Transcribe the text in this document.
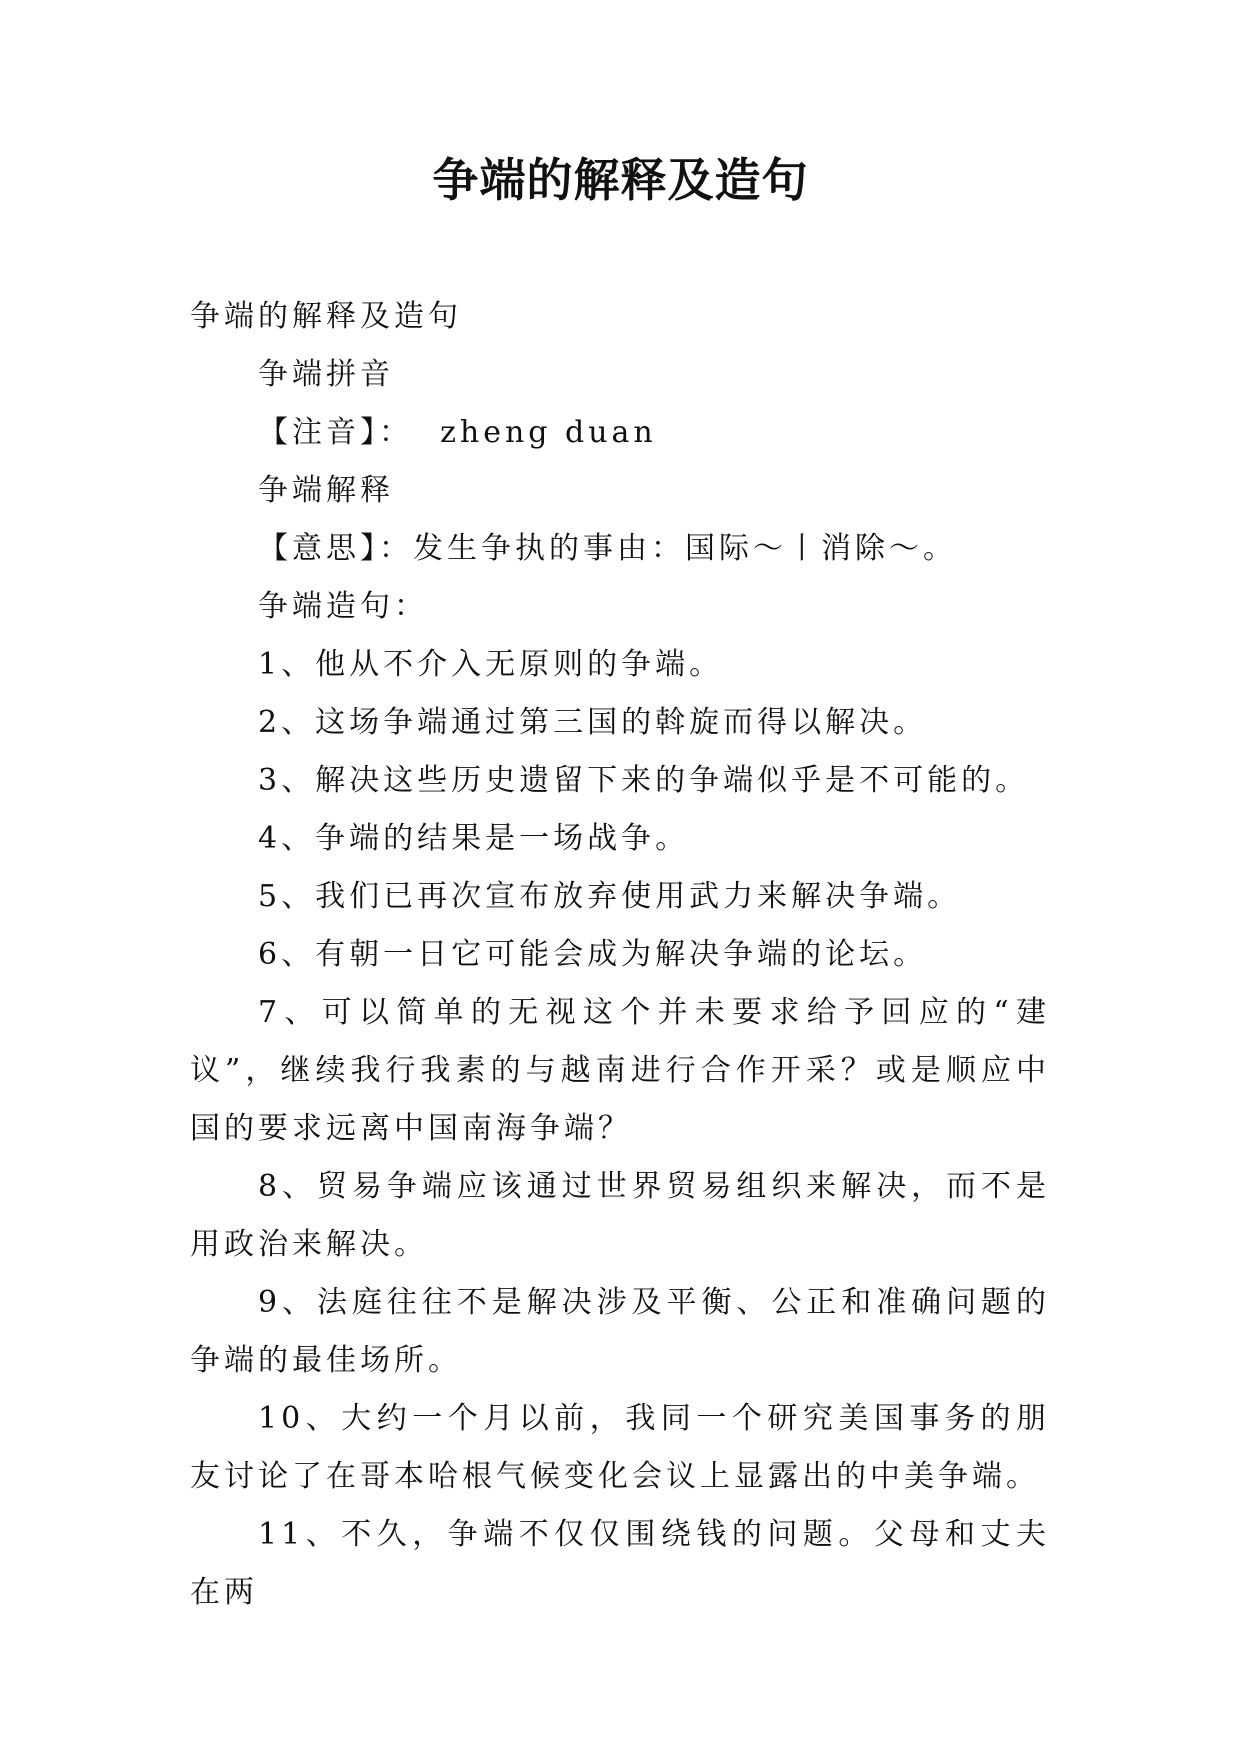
争端的解释及造句

争端的解释及造句

争端拼音

【注音】： zheng duan

争端解释

【意思】：发生争执的事由：国际～丨消除～。

争端造句：

1、他从不介入无原则的争端。

2、这场争端通过第三国的斡旋而得以解决。

3、解决这些历史遗留下来的争端似乎是不可能的。

4、争端的结果是一场战争。

5、我们已再次宣布放弃使用武力来解决争端。

6、有朝一日它可能会成为解决争端的论坛。

7、可以简单的无视这个并未要求给予回应的“建议”，继续我行我素的与越南进行合作开采？或是顺应中国的要求远离中国南海争端？

8、贸易争端应该通过世界贸易组织来解决，而不是用政治来解决。

9、法庭往往不是解决涉及平衡、公正和准确问题的争端的最佳场所。

10、大约一个月以前，我同一个研究美国事务的朋友讨论了在哥本哈根气候变化会议上显露出的中美争端。

11、不久，争端不仅仅围绕钱的问题。父母和丈夫在两
